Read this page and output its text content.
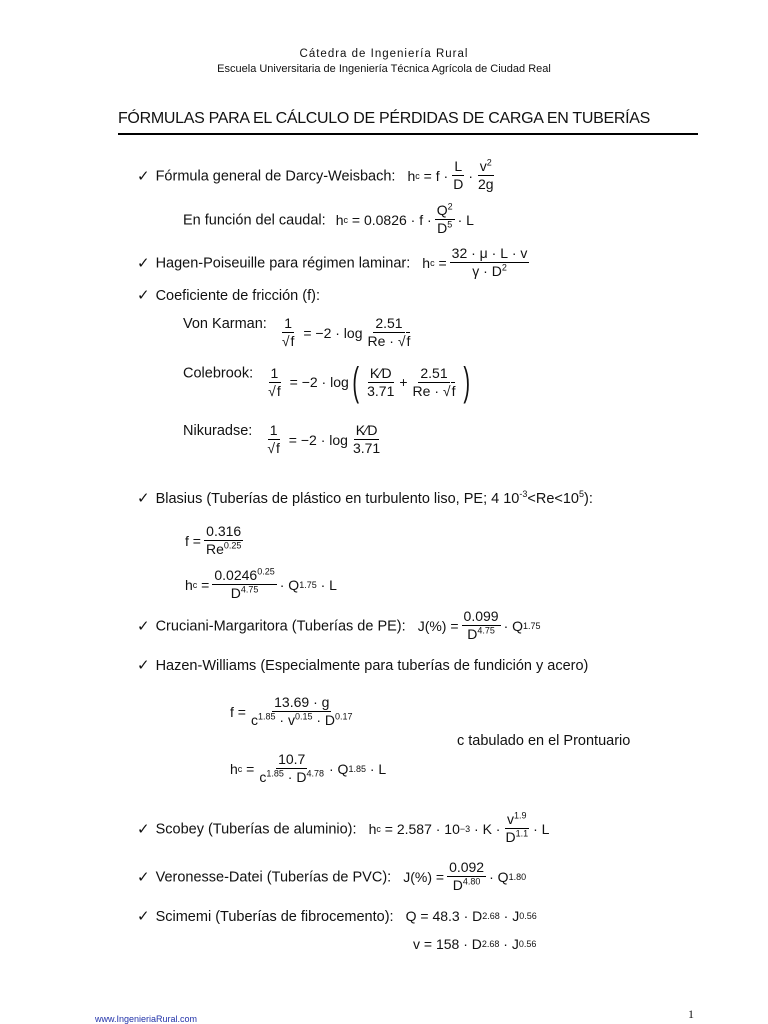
Cátedra de Ingeniería Rural
Escuela Universitaria de Ingeniería Técnica Agrícola de Ciudad Real
FÓRMULAS PARA EL CÁLCULO DE PÉRDIDAS DE CARGA EN TUBERÍAS
✓ Fórmula general de Darcy-Weisbach: h $c = f \cdot \frac{L}{D} \cdot \frac{v^2}{2g}$
En función del caudal: h $c = 0.0826 \cdot f \cdot \frac{Q^2}{D^5} \cdot L$
✓ Hagen-Poiseuille para régimen laminar: h $c = \frac{32 \cdot \mu \cdot L \cdot v}{\gamma \cdot D^2}$
✓ Coeficiente de fricción (f):
Von Karman: $\frac{1}{√f} = -2 \cdot \log \frac{2.51}{Re \cdot √f}$
Colebrook: $\frac{1}{√f} = -2 \cdot \log$ ( $\frac{K∕D}{3.71} + \frac{2.51}{Re \cdot √f}$ )
Nikuradse: $\frac{1}{√f} = -2 \cdot \log \frac{K∕D}{3.71}$
✓ Blasius (Tuberías de plástico en turbulento liso, PE; 4 $10^{-3}<Re<10^5$):
$f = \frac{0.316}{Re^{0.25}}$
h $c = \frac{0.0246^{0.25}}{D^{4.75}} \cdot Q$ 1.75 · L
✓ Cruciani-Margaritora (Tuberías de PE): $J(\%) = \frac{0.099}{D^{4.75}} \cdot Q$ 1.75
✓ Hazen-Williams (Especialmente para tuberías de fundición y acero)
$f = \frac{13.69 \cdot g}{c^{1.85} \cdot v^{0.15} \cdot D^{0.17}}$
c tabulado en el Prontuario
h $c = \frac{10.7}{c^{1.85} \cdot D^{4.78}} \cdot Q$ 1.85 · L
✓ Scobey (Tuberías de aluminio): h $c = 2.587 \cdot 10 -3 \cdot K \cdot \frac{v^{1.9}}{D^{1.1}} \cdot L$
✓ Veronesse-Datei (Tuberías de PVC): $J(\%) = \frac{0.092}{D^{4.80}} \cdot Q$ 1.80
✓ Scimemi (Tuberías de fibrocemento): Q = 48.3 · D 2.68 · J 0.56
v = 158 · D 2.68 · J 0.56
www.IngenieriaRural.com	1
